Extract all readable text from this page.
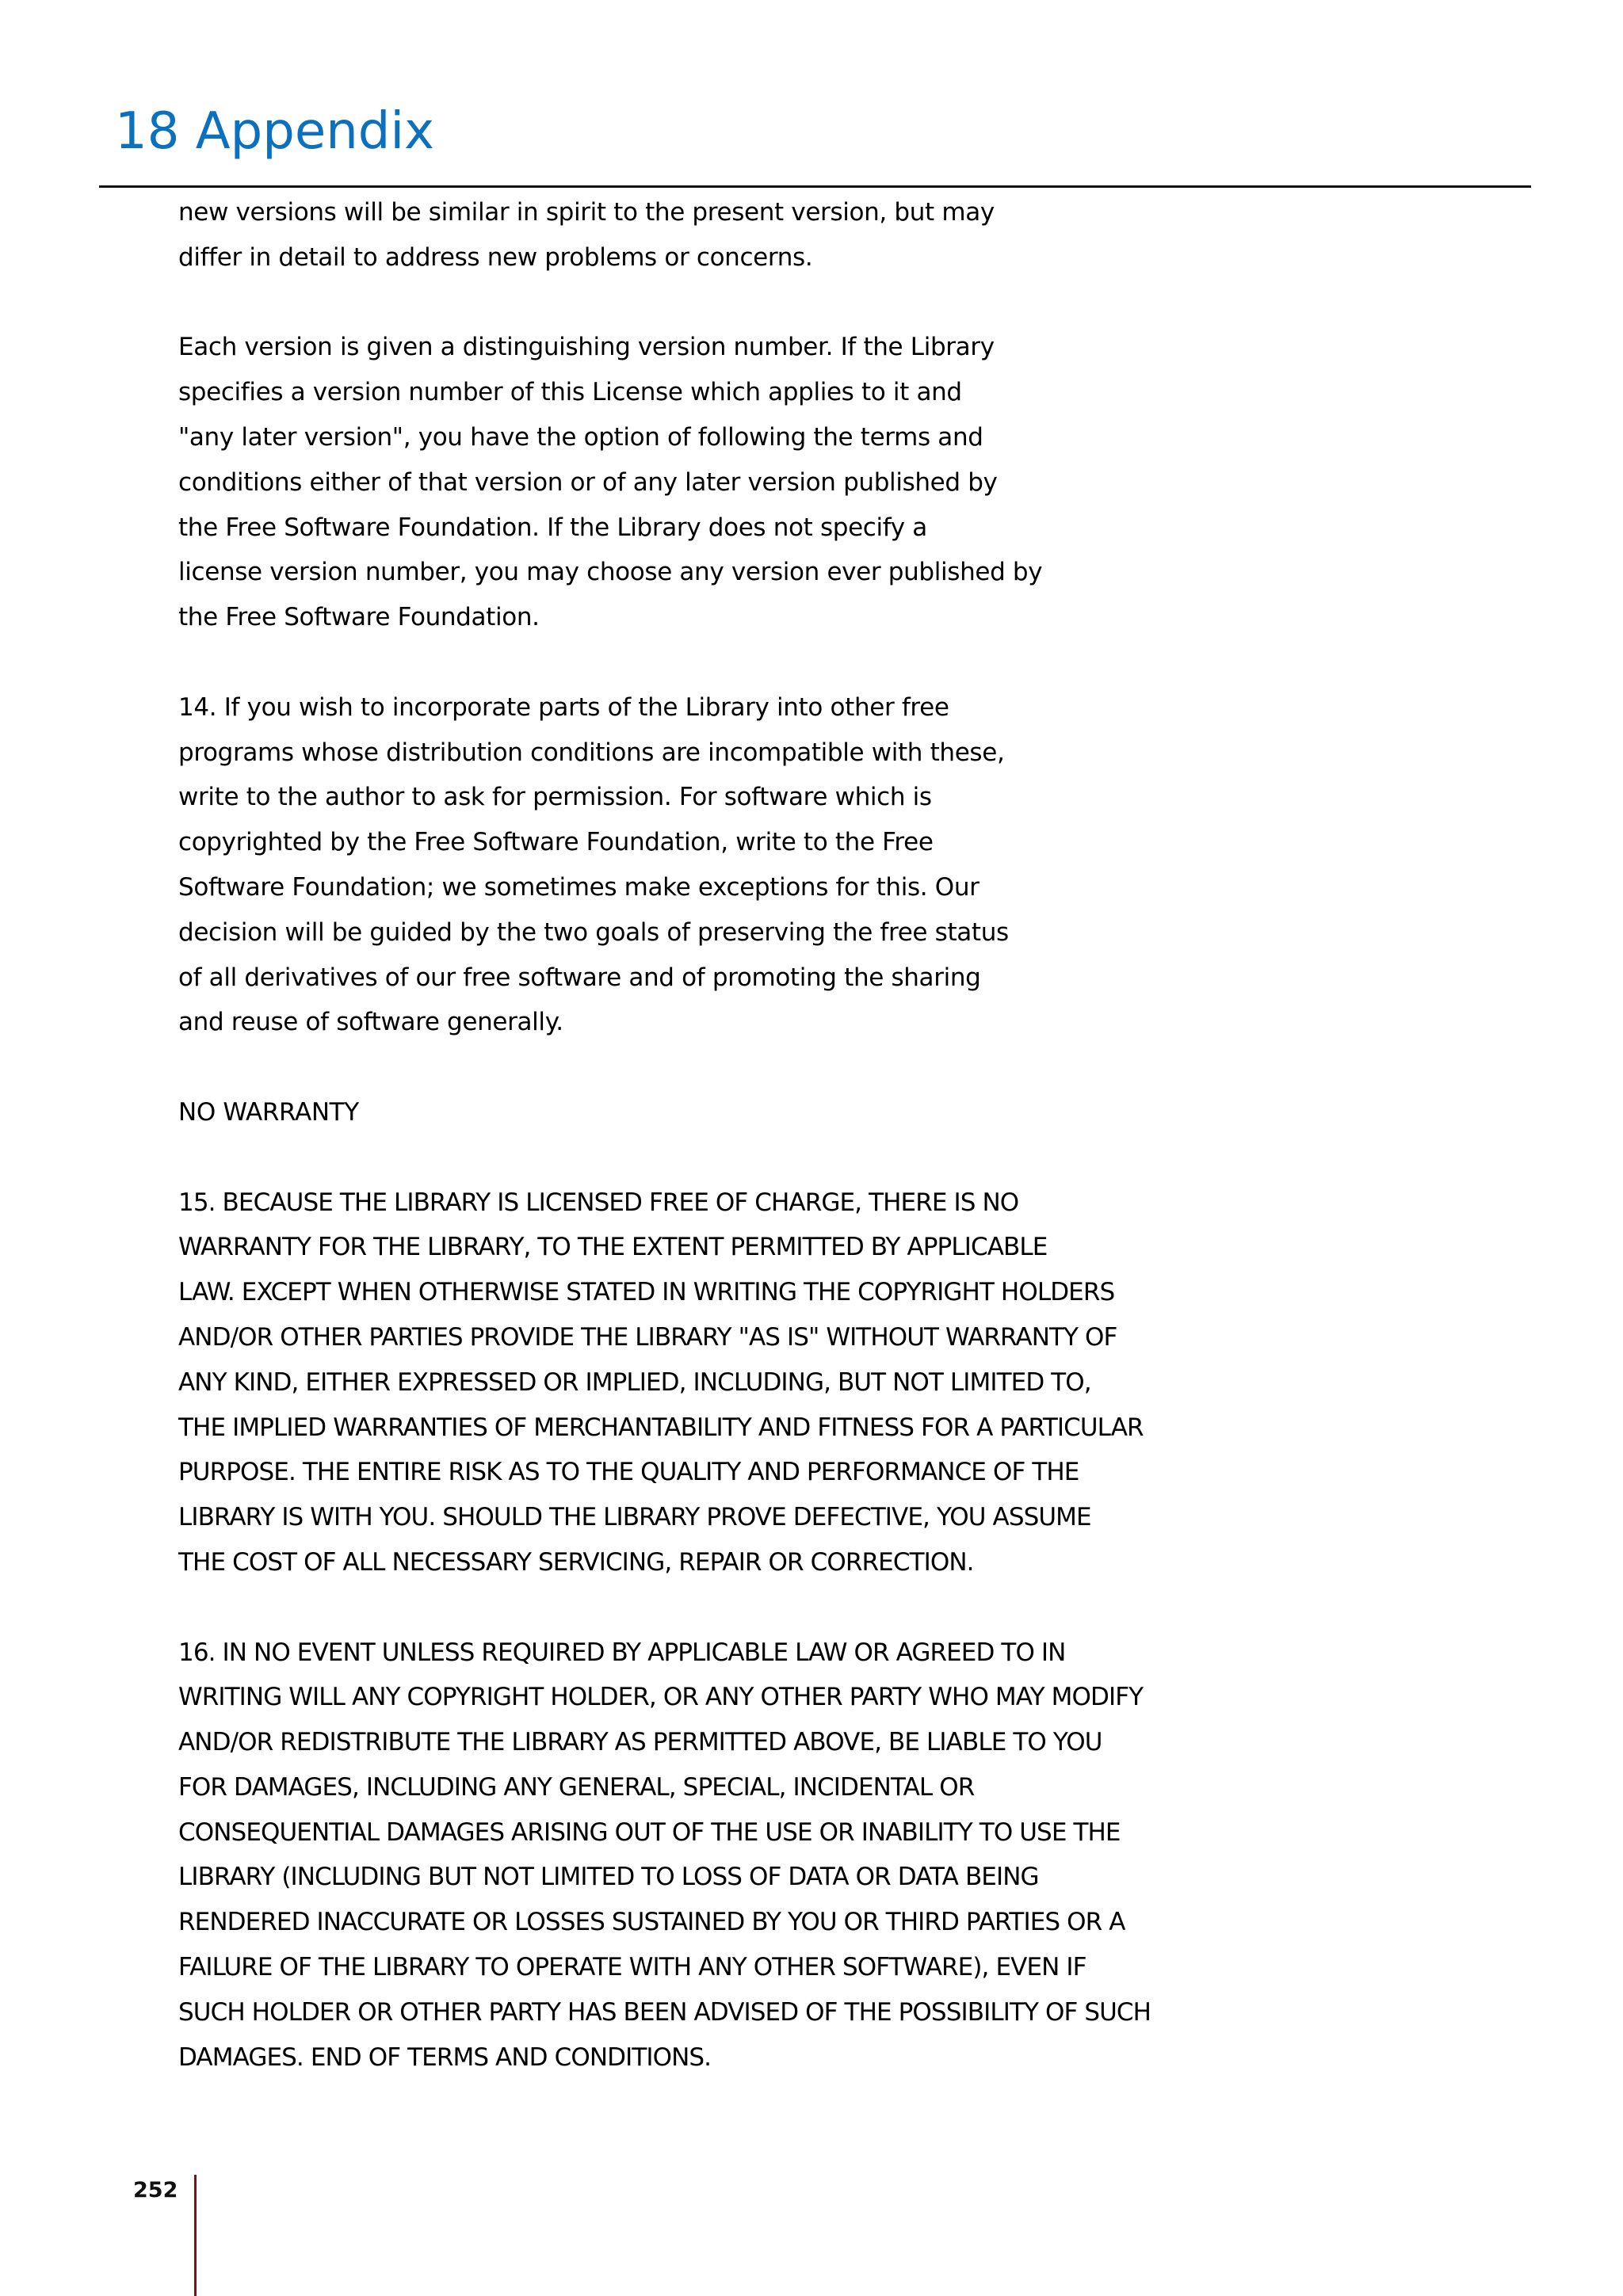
18 Appendix

new versions will be similar in spirit to the present version, but may
differ in detail to address new problems or concerns.

Each version is given a distinguishing version number. If the Library
specifies a version number of this License which applies to it and
"any later version", you have the option of following the terms and
conditions either of that version or of any later version published by
the Free Software Foundation. If the Library does not specify a
license version number, you may choose any version ever published by
the Free Software Foundation.

14. If you wish to incorporate parts of the Library into other free
programs whose distribution conditions are incompatible with these,
write to the author to ask for permission. For software which is
copyrighted by the Free Software Foundation, write to the Free
Software Foundation; we sometimes make exceptions for this. Our
decision will be guided by the two goals of preserving the free status
of all derivatives of our free software and of promoting the sharing
and reuse of software generally.

NO WARRANTY

15. BECAUSE THE LIBRARY IS LICENSED FREE OF CHARGE, THERE IS NO
WARRANTY FOR THE LIBRARY, TO THE EXTENT PERMITTED BY APPLICABLE
LAW. EXCEPT WHEN OTHERWISE STATED IN WRITING THE COPYRIGHT HOLDERS
AND/OR OTHER PARTIES PROVIDE THE LIBRARY "AS IS" WITHOUT WARRANTY OF
ANY KIND, EITHER EXPRESSED OR IMPLIED, INCLUDING, BUT NOT LIMITED TO,
THE IMPLIED WARRANTIES OF MERCHANTABILITY AND FITNESS FOR A PARTICULAR
PURPOSE. THE ENTIRE RISK AS TO THE QUALITY AND PERFORMANCE OF THE
LIBRARY IS WITH YOU. SHOULD THE LIBRARY PROVE DEFECTIVE, YOU ASSUME
THE COST OF ALL NECESSARY SERVICING, REPAIR OR CORRECTION.

16. IN NO EVENT UNLESS REQUIRED BY APPLICABLE LAW OR AGREED TO IN
WRITING WILL ANY COPYRIGHT HOLDER, OR ANY OTHER PARTY WHO MAY MODIFY
AND/OR REDISTRIBUTE THE LIBRARY AS PERMITTED ABOVE, BE LIABLE TO YOU
FOR DAMAGES, INCLUDING ANY GENERAL, SPECIAL, INCIDENTAL OR
CONSEQUENTIAL DAMAGES ARISING OUT OF THE USE OR INABILITY TO USE THE
LIBRARY (INCLUDING BUT NOT LIMITED TO LOSS OF DATA OR DATA BEING
RENDERED INACCURATE OR LOSSES SUSTAINED BY YOU OR THIRD PARTIES OR A
FAILURE OF THE LIBRARY TO OPERATE WITH ANY OTHER SOFTWARE), EVEN IF
SUCH HOLDER OR OTHER PARTY HAS BEEN ADVISED OF THE POSSIBILITY OF SUCH
DAMAGES. END OF TERMS AND CONDITIONS.

252
